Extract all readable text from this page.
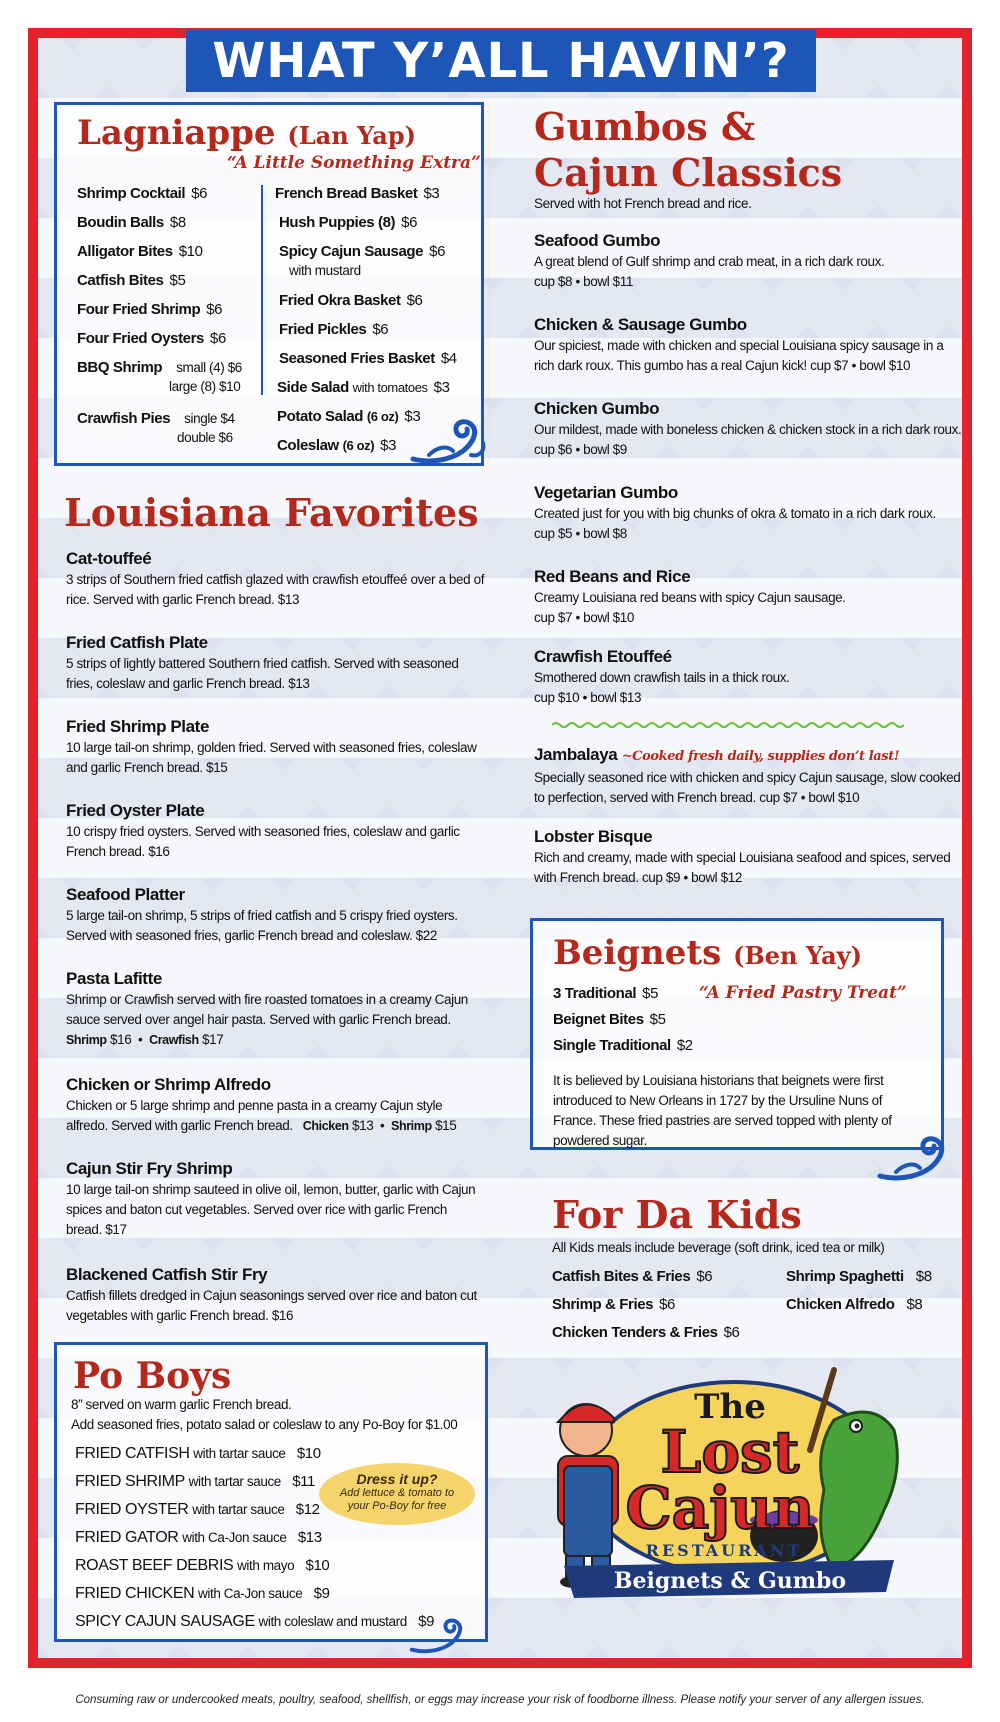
WHAT Y’ALL HAVIN’?
Lagniappe (Lan Yap)
“A Little Something Extra”
Shrimp Cocktail $6
Boudin Balls $8
Alligator Bites $10
Catfish Bites $5
Four Fried Shrimp $6
Four Fried Oysters $6
BBQ Shrimp small (4) $6
large (8) $10
Crawfish Pies single $4
double $6
French Bread Basket $3
Hush Puppies (8) $6
Spicy Cajun Sausage $6
with mustard
Fried Okra Basket $6
Fried Pickles $6
Seasoned Fries Basket $4
Side Salad with tomatoes $3
Potato Salad (6 oz) $3
Coleslaw (6 oz) $3
Louisiana Favorites
Cat-touffeé
3 strips of Southern fried catfish glazed with crawfish etouffeé over a bed of rice. Served with garlic French bread. $13
Fried Catfish Plate
5 strips of lightly battered Southern fried catfish. Served with seasoned fries, coleslaw and garlic French bread. $13
Fried Shrimp Plate
10 large tail-on shrimp, golden fried. Served with seasoned fries, coleslaw and garlic French bread. $15
Fried Oyster Plate
10 crispy fried oysters. Served with seasoned fries, coleslaw and garlic French bread. $16
Seafood Platter
5 large tail-on shrimp, 5 strips of fried catfish and 5 crispy fried oysters. Served with seasoned fries, garlic French bread and coleslaw. $22
Pasta Lafitte
Shrimp or Crawfish served with fire roasted tomatoes in a creamy Cajun sauce served over angel hair pasta. Served with garlic French bread.
Shrimp $16  •  Crawfish $17
Chicken or Shrimp Alfredo
Chicken or 5 large shrimp and penne pasta in a creamy Cajun style alfredo. Served with garlic French bread. Chicken $13  •  Shrimp $15
Cajun Stir Fry Shrimp
10 large tail-on shrimp sauteed in olive oil, lemon, butter, garlic with Cajun spices and baton cut vegetables. Served over rice with garlic French bread. $17
Blackened Catfish Stir Fry
Catfish fillets dredged in Cajun seasonings served over rice and baton cut vegetables with garlic French bread. $16
Gumbos &
Cajun Classics
Served with hot French bread and rice.
Seafood Gumbo
A great blend of Gulf shrimp and crab meat, in a rich dark roux.
cup $8 • bowl $11
Chicken & Sausage Gumbo
Our spiciest, made with chicken and special Louisiana spicy sausage in a rich dark roux. This gumbo has a real Cajun kick! cup $7 • bowl $10
Chicken Gumbo
Our mildest, made with boneless chicken & chicken stock in a rich dark roux.
cup $6 • bowl $9
Vegetarian Gumbo
Created just for you with big chunks of okra & tomato in a rich dark roux.
cup $5 • bowl $8
Red Beans and Rice
Creamy Louisiana red beans with spicy Cajun sausage.
cup $7 • bowl $10
Crawfish Etouffeé
Smothered down crawfish tails in a thick roux.
cup $10 • bowl $13
Jambalaya ~Cooked fresh daily, supplies don’t last!
Specially seasoned rice with chicken and spicy Cajun sausage, slow cooked to perfection, served with French bread. cup $7 • bowl $10
Lobster Bisque
Rich and creamy, made with special Louisiana seafood and spices, served with French bread. cup $9 • bowl $12
Beignets (Ben Yay)
“A Fried Pastry Treat”
3 Traditional $5
Beignet Bites $5
Single Traditional $2
It is believed by Louisiana historians that beignets were first introduced to New Orleans in 1727 by the Ursuline Nuns of France. These fried pastries are served topped with plenty of powdered sugar.
For Da Kids
All Kids meals include beverage (soft drink, iced tea or milk)
Catfish Bites & Fries $6
Shrimp & Fries $6
Chicken Tenders & Fries $6
Shrimp Spaghetti $8
Chicken Alfredo $8
Po Boys
8” served on warm garlic French bread.
Add seasoned fries, potato salad or coleslaw to any Po-Boy for $1.00
FRIED CATFISH with tartar sauce $10
FRIED SHRIMP with tartar sauce $11
FRIED OYSTER with tartar sauce $12
FRIED GATOR with Ca-Jon sauce $13
ROAST BEEF DEBRIS with mayo $10
FRIED CHICKEN with Ca-Jon sauce $9
SPICY CAJUN SAUSAGE with coleslaw and mustard $9
Dress it up?
Add lettuce & tomato to your Po-Boy for free
The
Lost
Cajun
RESTAURANT
Beignets & Gumbo
Consuming raw or undercooked meats, poultry, seafood, shellfish, or eggs may increase your risk of foodborne illness. Please notify your server of any allergen issues.
